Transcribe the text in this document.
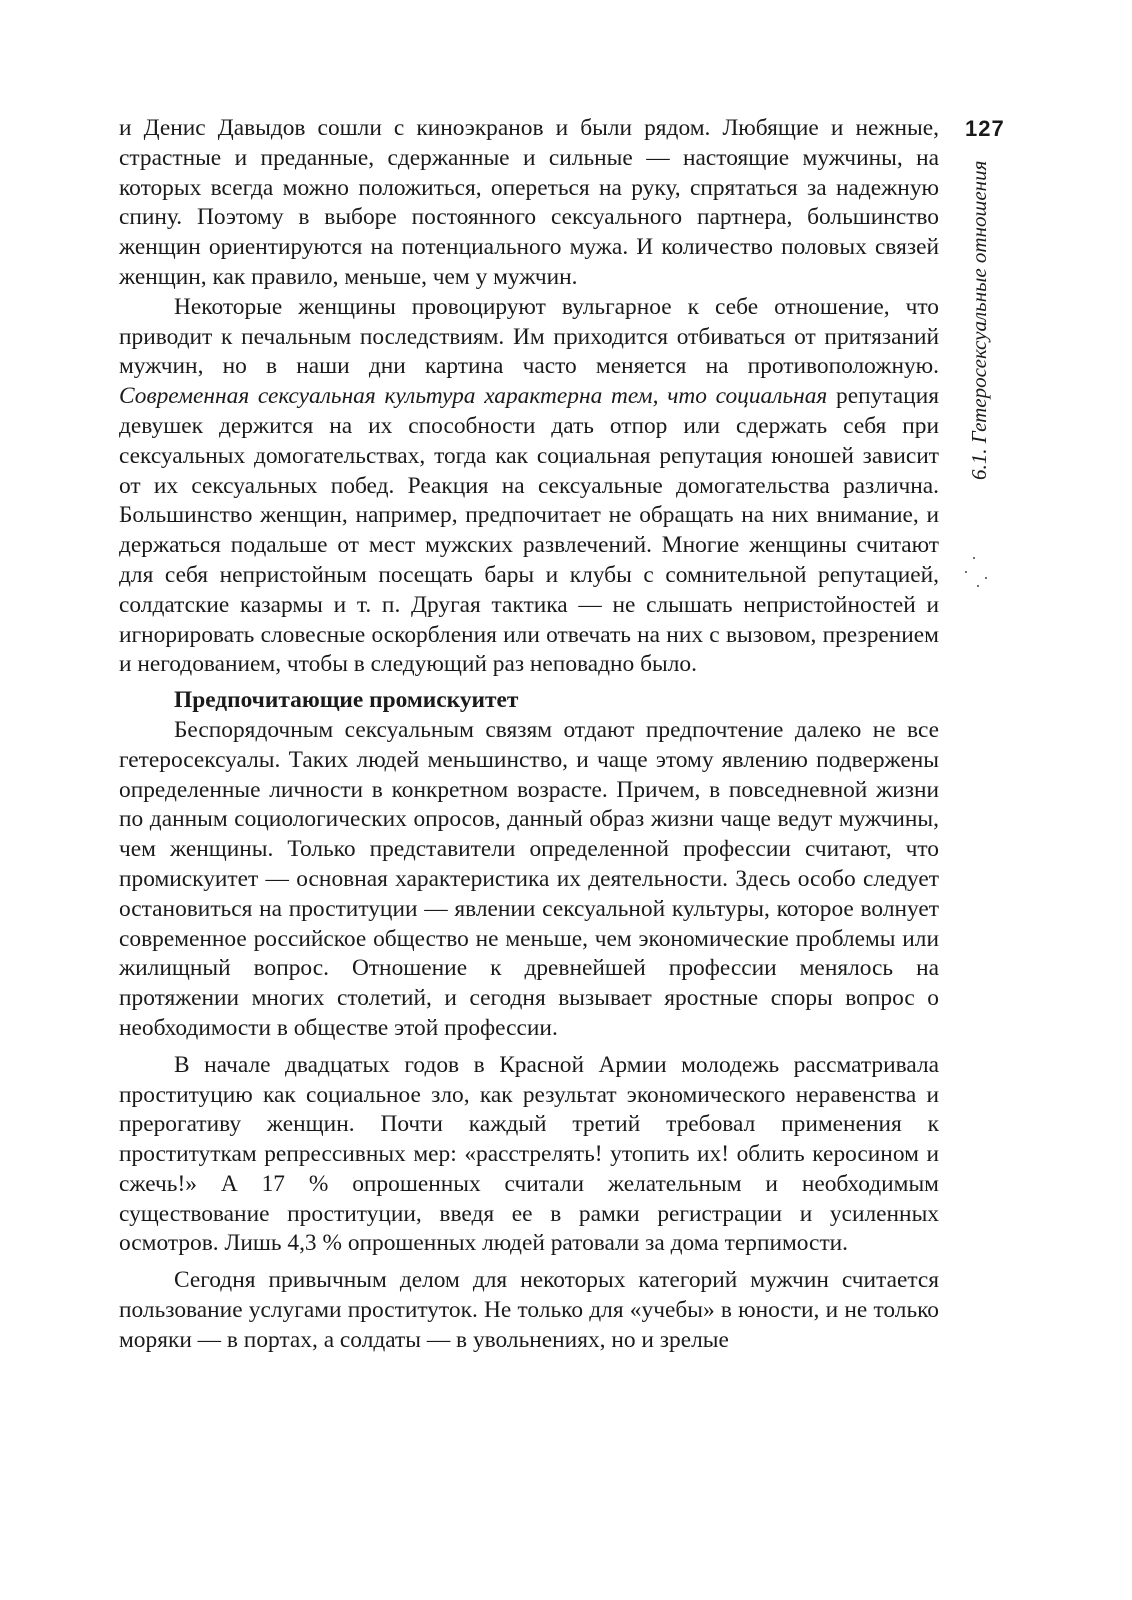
127
6.1. Гетеросексуальные отношения

и Денис Давыдов сошли с киноэкранов и были рядом. Любящие и нежные, страстные и преданные, сдержанные и сильные — настоящие мужчины, на которых всегда можно положиться, опереться на руку, спрятаться за надежную спину. Поэтому в выборе постоянного сексуального партнера, большинство женщин ориентируются на потенциального мужа. И количество половых связей женщин, как правило, меньше, чем у мужчин.

Некоторые женщины провоцируют вульгарное к себе отношение, что приводит к печальным последствиям. Им приходится отбиваться от притязаний мужчин, но в наши дни картина часто меняется на противоположную. Современная сексуальная культура характерна тем, что социальная репутация девушек держится на их способности дать отпор или сдержать себя при сексуальных домогательствах, тогда как социальная репутация юношей зависит от их сексуальных побед. Реакция на сексуальные домогательства различна. Большинство женщин, например, предпочитает не обращать на них внимание, и держаться подальше от мест мужских развлечений. Многие женщины считают для себя непристойным посещать бары и клубы с сомнительной репутацией, солдатские казармы и т. п. Другая тактика — не слышать непристойностей и игнорировать словесные оскорбления или отвечать на них с вызовом, презрением и негодованием, чтобы в следующий раз неповадно было.

Предпочитающие промискуитет

Беспорядочным сексуальным связям отдают предпочтение далеко не все гетеросексуалы. Таких людей меньшинство, и чаще этому явлению подвержены определенные личности в конкретном возрасте. Причем, в повседневной жизни по данным социологических опросов, данный образ жизни чаще ведут мужчины, чем женщины. Только представители определенной профессии считают, что промискуитет — основная характеристика их деятельности. Здесь особо следует остановиться на проституции — явлении сексуальной культуры, которое волнует современное российское общество не меньше, чем экономические проблемы или жилищный вопрос. Отношение к древнейшей профессии менялось на протяжении многих столетий, и сегодня вызывает яростные споры вопрос о необходимости в обществе этой профессии.

В начале двадцатых годов в Красной Армии молодежь рассматривала проституцию как социальное зло, как результат экономического неравенства и прерогативу женщин. Почти каждый третий требовал применения к проституткам репрессивных мер: «расстрелять! утопить их! облить керосином и сжечь!» А 17 % опрошенных считали желательным и необходимым существование проституции, введя ее в рамки регистрации и усиленных осмотров. Лишь 4,3 % опрошенных людей ратовали за дома терпимости.

Сегодня привычным делом для некоторых категорий мужчин считается пользование услугами проституток. Не только для «учебы» в юности, и не только моряки — в портах, а солдаты — в увольнениях, но и зрелые
